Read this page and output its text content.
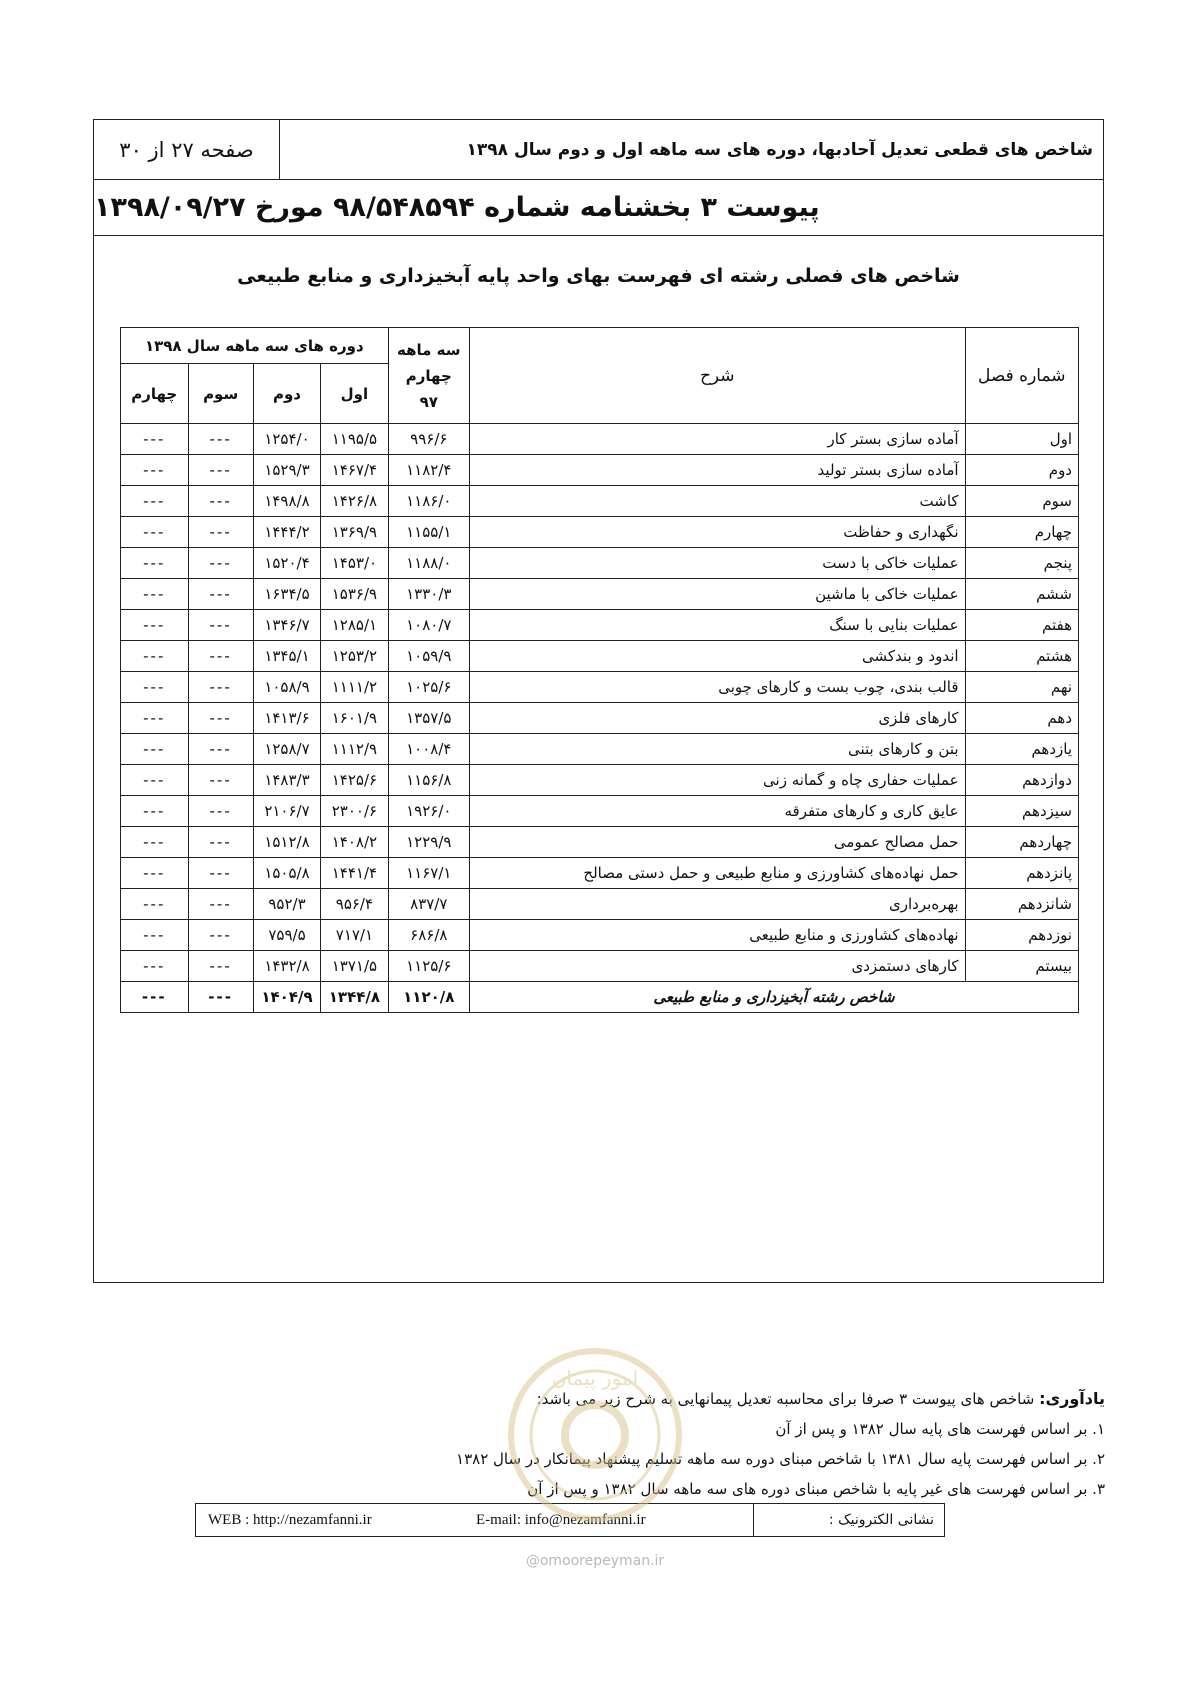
صفحه ۲۷ از ۳۰	شاخص های قطعی تعدیل آحادبها، دوره های سه ماهه اول و دوم سال ۱۳۹۸
پیوست ۳ بخشنامه شماره ۹۸/۵۴۸۵۹۴ مورخ ۱۳۹۸/۰۹/۲۷
شاخص های فصلی رشته ای فهرست بهای واحد پایه آبخیزداری و منابع طبیعی
شماره فصل	شرح	سه ماهه
چهارم ۹۷	دوره های سه ماهه سال ۱۳۹۸			
			اول	دوم	سوم	چهارم
اول	آماده سازی بستر کار	۹۹۶/۶	۱۱۹۵/۵	۱۲۵۴/۰	---	---
دوم	آماده سازی بستر تولید	۱۱۸۲/۴	۱۴۶۷/۴	۱۵۲۹/۳	---	---
سوم	کاشت	۱۱۸۶/۰	۱۴۲۶/۸	۱۴۹۸/۸	---	---
چهارم	نگهداری و حفاظت	۱۱۵۵/۱	۱۳۶۹/۹	۱۴۴۴/۲	---	---
پنجم	عملیات خاکی با دست	۱۱۸۸/۰	۱۴۵۳/۰	۱۵۲۰/۴	---	---
ششم	عملیات خاکی با ماشین	۱۳۳۰/۳	۱۵۳۶/۹	۱۶۳۴/۵	---	---
هفتم	عملیات بنایی با سنگ	۱۰۸۰/۷	۱۲۸۵/۱	۱۳۴۶/۷	---	---
هشتم	اندود و بندکشی	۱۰۵۹/۹	۱۲۵۳/۲	۱۳۴۵/۱	---	---
نهم	قالب بندی، چوب بست و کارهای چوبی	۱۰۲۵/۶	۱۱۱۱/۲	۱۰۵۸/۹	---	---
دهم	کارهای فلزی	۱۳۵۷/۵	۱۶۰۱/۹	۱۴۱۳/۶	---	---
یازدهم	بتن و کارهای بتنی	۱۰۰۸/۴	۱۱۱۲/۹	۱۲۵۸/۷	---	---
دوازدهم	عملیات حفاری چاه و گمانه زنی	۱۱۵۶/۸	۱۴۲۵/۶	۱۴۸۳/۳	---	---
سیزدهم	عایق کاری و کارهای متفرقه	۱۹۲۶/۰	۲۳۰۰/۶	۲۱۰۶/۷	---	---
چهاردهم	حمل مصالح عمومی	۱۲۲۹/۹	۱۴۰۸/۲	۱۵۱۲/۸	---	---
پانزدهم	حمل نهاده‌های کشاورزی و منابع طبیعی و حمل دستی مصالح	۱۱۶۷/۱	۱۴۴۱/۴	۱۵۰۵/۸	---	---
شانزدهم	بهره‌برداری	۸۳۷/۷	۹۵۶/۴	۹۵۲/۳	---	---
نوزدهم	نهاده‌های کشاورزی و منابع طبیعی	۶۸۶/۸	۷۱۷/۱	۷۵۹/۵	---	---
بیستم	کارهای دستمزدی	۱۱۲۵/۶	۱۳۷۱/۵	۱۴۳۲/۸	---	---
شاخص رشته آبخیزداری و منابع طبیعی		۱۱۲۰/۸	۱۳۴۴/۸	۱۴۰۴/۹	---	---
یادآوری: شاخص های پیوست ۳ صرفا برای محاسبه تعدیل پیمانهایی به شرح زیر می باشد:
۱. بر اساس فهرست های پایه سال ۱۳۸۲ و پس از آن
۲. بر اساس فهرست پایه سال ۱۳۸۱ با شاخص مبنای دوره سه ماهه تسلیم پیشنهاد پیمانکار در سال ۱۳۸۲
۳. بر اساس فهرست های غیر پایه با شاخص مبنای دوره های سه ماهه سال ۱۳۸۲ و پس از آن
نشانی الکترونیک :
E-mail: info@nezamfanni.ir
WEB : http://nezamfanni.ir
امور پیمان
@omoorepeyman.ir
